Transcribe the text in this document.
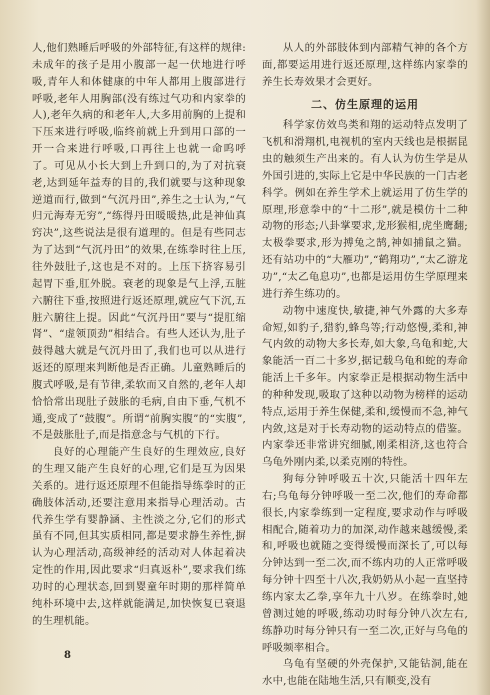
人,他们熟睡后呼吸的外部特征,有这样的规律:未成年的孩子是用小腹部一起一伏地进行呼吸,青年人和体健康的中年人都用上腹部进行呼吸,老年人用胸部(没有练过气功和内家拳的人),老年久病的和老年人,大多用前胸的上提和下压来进行呼吸,临终前就上升到用口部的一开一合来进行呼吸,口再往上也就一命呜呼了。可见从小长大到上升到口的,为了对抗衰老,达到延年益寿的目的,我们就要与这种现象逆道而行,做到“气沉丹田”,养生之士认为,“气归元海寿无穷”,“练得丹田暖暖热,此是神仙真窍决”,这些说法是很有道理的。但是有些同志为了达到“气沉丹田”的效果,在练拳时往上压,往外鼓肚子,这也是不对的。上压下挤容易引起胃下垂,肛外脱。衰老的现象是气上浮,五脏六腑往下垂,按照进行返还原理,就应气下沉,五脏六腑往上提。因此“气沉丹田”要与“提肛缩肾”、“虚领顶劲”相结合。有些人还认为,肚子鼓得越大就是气沉丹田了,我们也可以从进行返还的原理来判断他是否正确。儿童熟睡后的腹式呼吸,是有节律,柔软而又自然的,老年人却恰恰常出现肚子鼓胀的毛病,自由下垂,气机不通,变成了“鼓腹”。所谓“前胸实腹”的“实腹”,不是鼓胀肚子,而是指意念与气机的下行。

良好的心理能产生良好的生理效应,良好的生理又能产生良好的心理,它们是互为因果关系的。进行返还原理不但能指导练拳时的正确肢体活动,还要注意用来指导心理活动。古代养生学有婴静涵、主性淡之分,它们的形式虽有不同,但其实质相同,都是要求静生养性,摒认为心理活动,高级神经的活动对人体起着决定性的作用,因此要求“归真返朴”,要求我们练功时的心理状态,回到婴童年时期的那样简单纯朴环境中去,这样就能满足,加快恢复已衰退的生理机能。

从人的外部肢体到内部精气神的各个方面,都要运用进行返还原理,这样练内家拳的养生长寿效果才会更好。

二、仿生原理的运用

科学家仿效鸟类和翔的运动特点发明了飞机和滑翔机,电视机的室内天线也是根据昆虫的触须生产出来的。有人认为仿生学是从外国引进的,实际上它是中华民族的一门古老科学。例如在养生学术上就运用了仿生学的原理,形意拳中的“十二形”,就是模仿十二种动物的形态;八卦掌要求,龙形猴相,虎坐鹰翻;太极拳要求,形为搏兔之鹄,神如捕鼠之猫。还有站功中的“大雁功”,“鹤翔功”,“太乙游龙功”,“太乙龟息功”,也都是运用仿生学原理来进行养生练功的。

动物中速度快,敏捷,神气外露的大多寿命短,如豹子,猎豹,蜂鸟等;行动悠慢,柔和,神气内敛的动物大多长寿,如大象,乌龟和蛇,大象能活一百二十多岁,据记载乌龟和蛇的寿命能活上千多年。内家拳正是根据动物生活中的种种发现,吸取了这种以动物为榜样的运动特点,运用于养生保健,柔和,缓慢而不急,神气内敛,这是对于长寿动物的运动特点的借鉴。内家拳还非常讲究细腻,刚柔相济,这也符合乌龟外刚内柔,以柔克刚的特性。

狗每分钟呼吸五十次,只能活十四年左右;乌龟每分钟呼吸一至二次,他们的寿命都很长,内家拳练到一定程度,要求动作与呼吸相配合,随着功力的加深,动作越来越缓慢,柔和,呼吸也就随之变得缓慢而深长了,可以每分钟达到一至二次,而不练内功的人正常呼吸每分钟十四至十八次,我奶奶从小起一直坚持练内家太乙拳,享年九十八岁。在练拳时,她曾测过她的呼吸,练动功时每分钟八次左右,练静功时每分钟只有一至二次,正好与乌龟的呼吸频率相合。

乌龟有坚硬的外壳保护,又能钻洞,能在水中,也能在陆地生活,只有顺变,没有

8
